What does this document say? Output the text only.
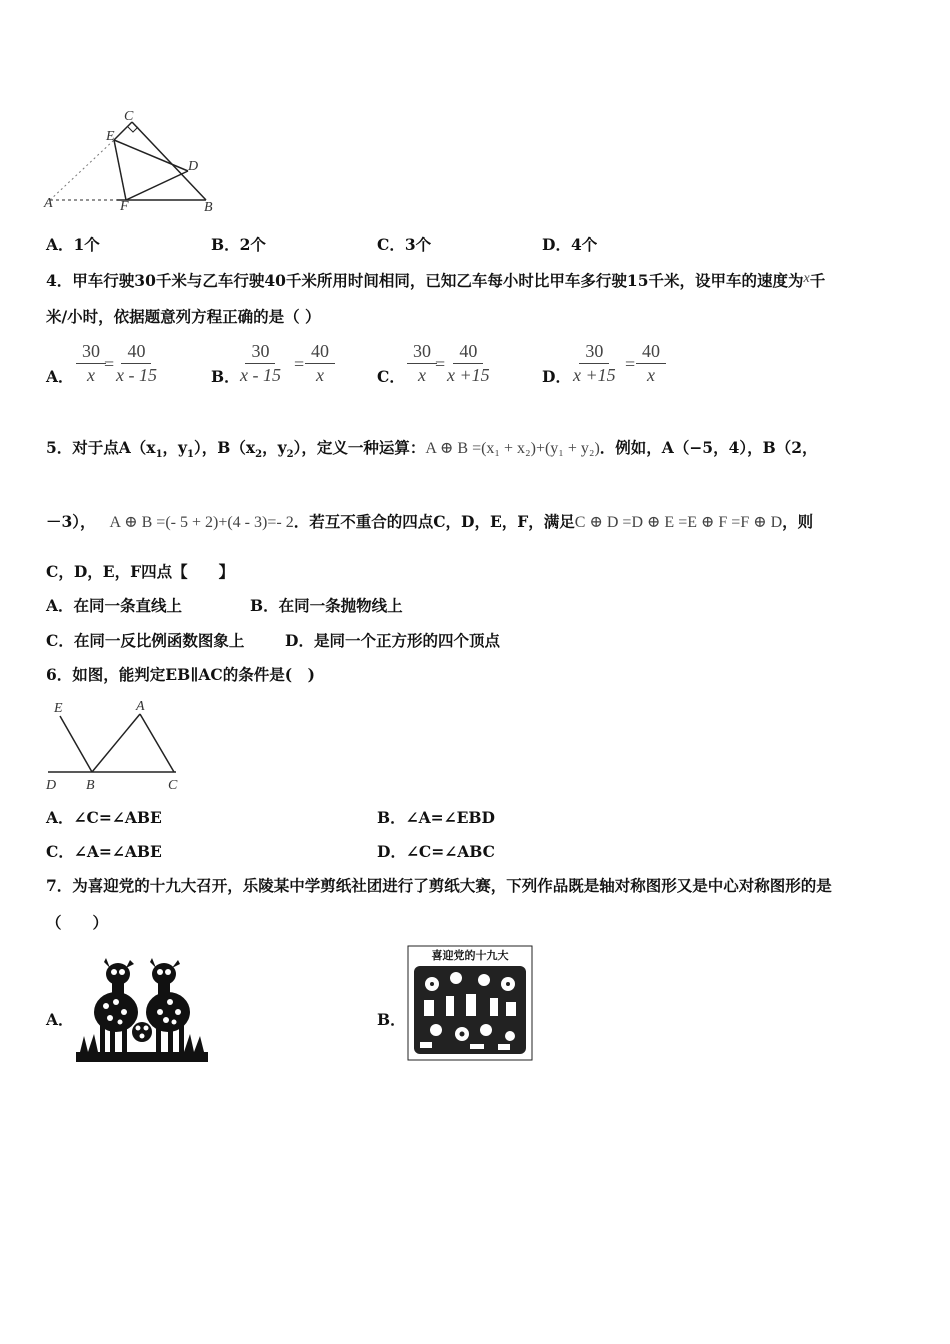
A	F	B
C
E
D
A．1个	B．2个	C．3个	D．4个
4．甲车行驶30千米与乙车行驶40千米所用时间相同，已知乙车每小时比甲车多行驶15千米，设甲车的速度为x千
米/小时，依据题意列方程正确的是（ ）
A． $\frac{30}{x}$
= $\frac{40}{x - 15}$	B． $\frac{30}{x - 15} = \frac{40}{x}$	C． $\frac{30}{x}$
= $\frac{40}{x +15}$	D． $\frac{30}{x +15} = \frac{40}{x}$
5．对于点$A(x_1$，$y_1$），$B(x_2$，$y_2$），定义一种运算：A ⊕ B =(x₁ + x₂)+(y₁ + y₂)．例如，A（−5，4），B（2，
－3）， A ⊕ B =(- 5 + 2)+(4 - 3)=- 2．若互不重合的四点C，D，E，F，满足C ⊕ D =D ⊕ E =E ⊕ F =F ⊕ D，则
C，D，E，F四点【　　】
A．在同一条直线上	B．在同一条抛物线上
C．在同一反比例函数图象上	D．是同一个正方形的四个顶点
6．如图，能判定EB∥AC的条件是(　)
E	A
D B	C
A．∠C=∠ABE	B．∠A=∠EBD
C．∠A=∠ABE	D．∠C=∠ABC
7．为喜迎党的十九大召开，乐陵某中学剪纸社团进行了剪纸大赛，下列作品既是轴对称图形又是中心对称图形的是
（　　）
A．	B．
喜迎党的十九大
